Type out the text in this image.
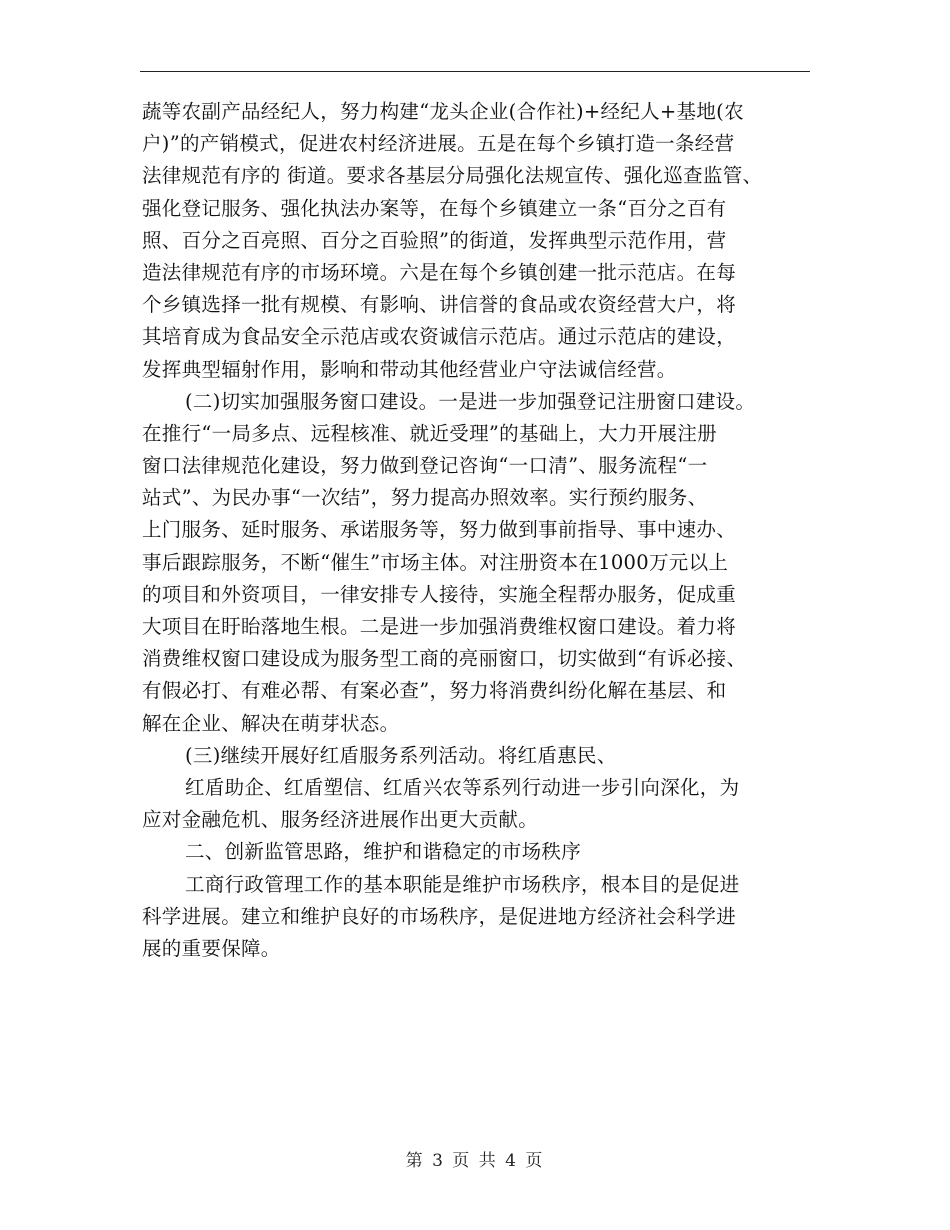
蔬等农副产品经纪人，努力构建“龙头企业(合作社)+经纪人+基地(农
户)”的产销模式，促进农村经济进展。五是在每个乡镇打造一条经营
法律规范有序的 街道。要求各基层分局强化法规宣传、强化巡查监管、
强化登记服务、强化执法办案等，在每个乡镇建立一条“百分之百有
照、百分之百亮照、百分之百验照”的街道，发挥典型示范作用，营
造法律规范有序的市场环境。六是在每个乡镇创建一批示范店。在每
个乡镇选择一批有规模、有影响、讲信誉的食品或农资经营大户，将
其培育成为食品安全示范店或农资诚信示范店。通过示范店的建设，
发挥典型辐射作用，影响和带动其他经营业户守法诚信经营。
(二)切实加强服务窗口建设。一是进一步加强登记注册窗口建设。
在推行“一局多点、远程核准、就近受理”的基础上，大力开展注册
窗口法律规范化建设，努力做到登记咨询“一口清”、服务流程“一
站式”、为民办事“一次结”，努力提高办照效率。实行预约服务、
上门服务、延时服务、承诺服务等，努力做到事前指导、事中速办、
事后跟踪服务，不断“催生”市场主体。对注册资本在1000万元以上
的项目和外资项目，一律安排专人接待，实施全程帮办服务，促成重
大项目在盱眙落地生根。二是进一步加强消费维权窗口建设。着力将
消费维权窗口建设成为服务型工商的亮丽窗口，切实做到“有诉必接、
有假必打、有难必帮、有案必查”，努力将消费纠纷化解在基层、和
解在企业、解决在萌芽状态。
(三)继续开展好红盾服务系列活动。将红盾惠民、
红盾助企、红盾塑信、红盾兴农等系列行动进一步引向深化，为
应对金融危机、服务经济进展作出更大贡献。
二、创新监管思路，维护和谐稳定的市场秩序
工商行政管理工作的基本职能是维护市场秩序，根本目的是促进
科学进展。建立和维护良好的市场秩序，是促进地方经济社会科学进
展的重要保障。
第 3 页 共 4 页
